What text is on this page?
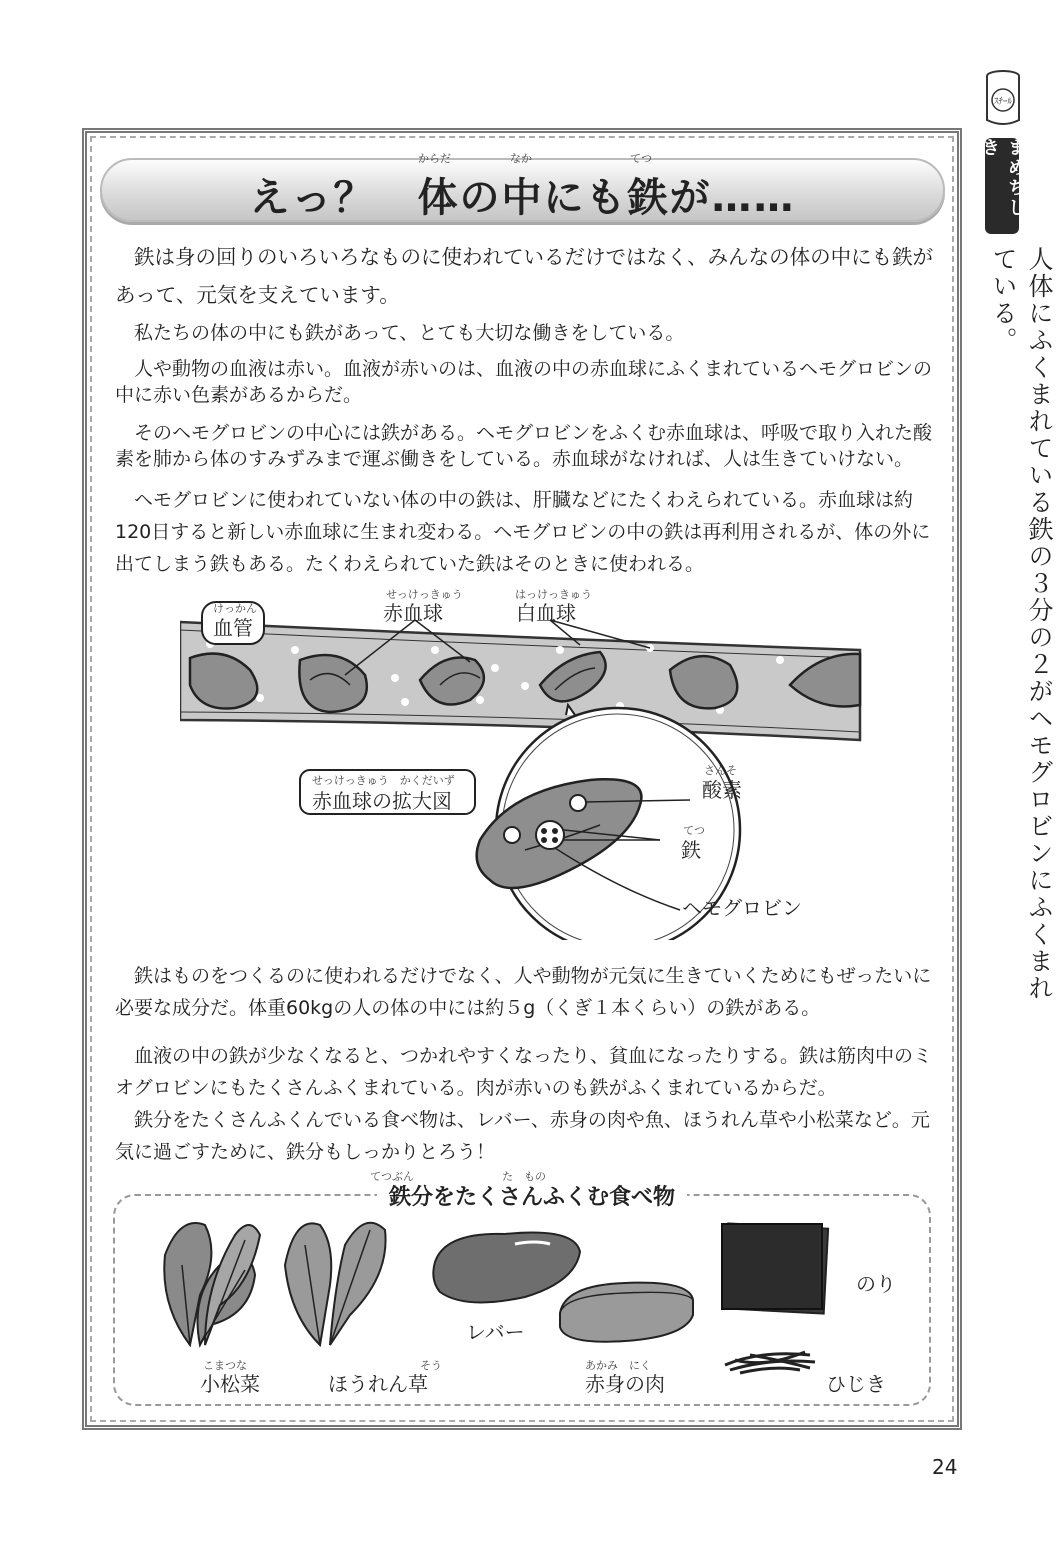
ｽﾁｰﾙ
まめちしき
人体にふくまれている鉄の３分の２がヘモグロビンにふくまれている。
からだ	なか	てつ
えっ？　体の中にも鉄が……

鉄は身の回りのいろいろなものに使われているだけではなく、みんなの体の中にも鉄があって、元気を支えています。

私たちの体の中にも鉄があって、とても大切な働きをしている。

人や動物の血液は赤い。血液が赤いのは、血液の中の赤血球にふくまれているヘモグロビンの中に赤い色素があるからだ。

そのヘモグロビンの中心には鉄がある。ヘモグロビンをふくむ赤血球は、呼吸で取り入れた酸素を肺から体のすみずみまで運ぶ働きをしている。赤血球がなければ、人は生きていけない。

ヘモグロビンに使われていない体の中の鉄は、肝臓などにたくわえられている。赤血球は約120日すると新しい赤血球に生まれ変わる。ヘモグロビンの中の鉄は再利用されるが、体の外に出てしまう鉄もある。たくわえられていた鉄はそのときに使われる。

けっかん
血管
せっけっきゅう
赤血球
はっけっきゅう
白血球
せっけっきゅう　かくだいず
赤血球の拡大図
さんそ
酸素
てつ
鉄
ヘモグロビン

鉄はものをつくるのに使われるだけでなく、人や動物が元気に生きていくためにもぜったいに必要な成分だ。体重60kgの人の体の中には約５g（くぎ１本くらい）の鉄がある。

血液の中の鉄が少なくなると、つかれやすくなったり、貧血になったりする。鉄は筋肉中のミオグロビンにもたくさんふくまれている。肉が赤いのも鉄がふくまれているからだ。

鉄分をたくさんふくんでいる食べ物は、レバー、赤身の肉や魚、ほうれん草や小松菜など。元気に過ごすために、鉄分もしっかりとろう！

てつぶん　　　　　　　　た　もの
鉄分をたくさんふくむ食べ物
のり
レバー
こまつな
小松菜
そう
ほうれん草
あかみ　にく
赤身の肉	ひじき
24
